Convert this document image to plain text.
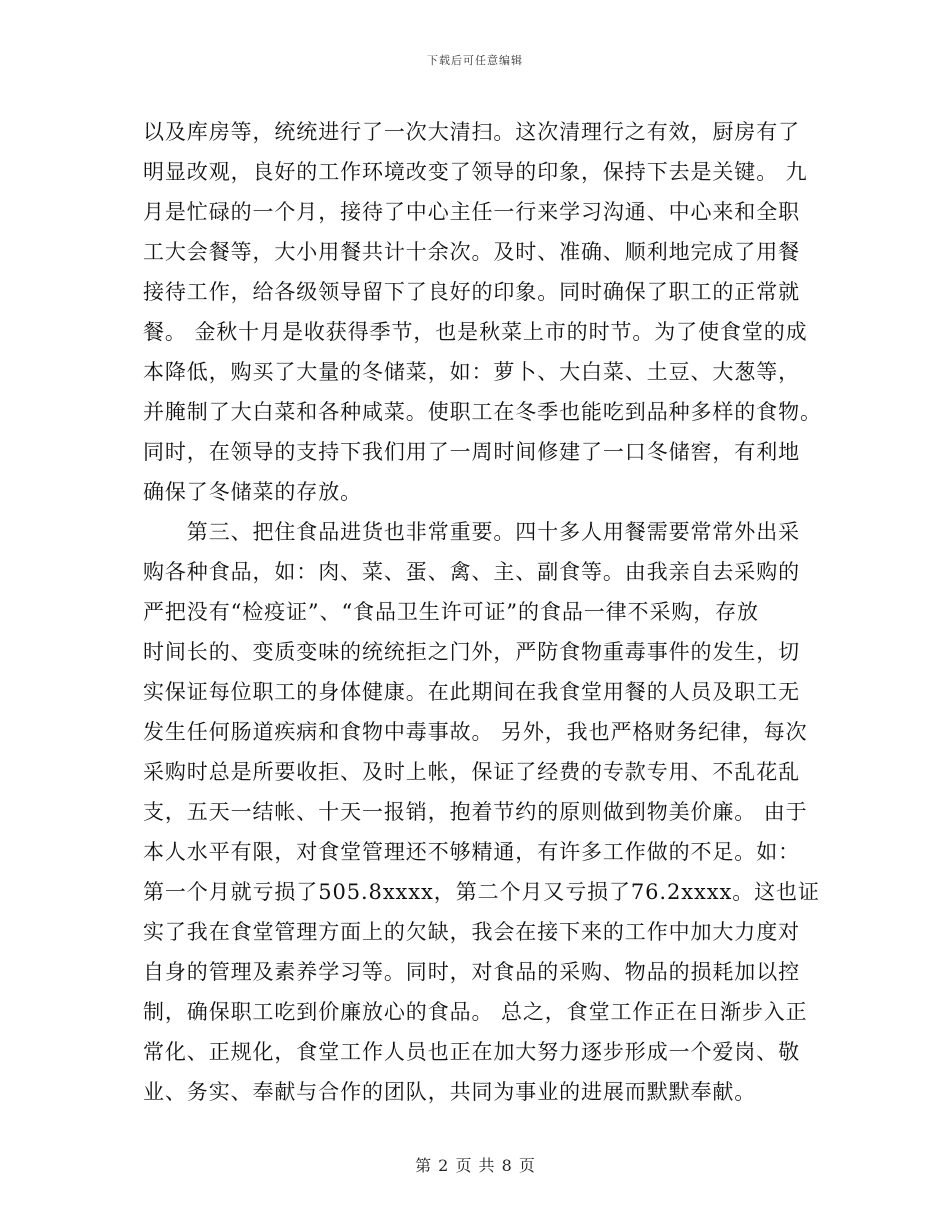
下载后可任意编辑
以及库房等，统统进行了一次大清扫。这次清理行之有效，厨房有了
明显改观，良好的工作环境改变了领导的印象，保持下去是关键。 九
月是忙碌的一个月，接待了中心主任一行来学习沟通、中心来和全职
工大会餐等，大小用餐共计十余次。及时、准确、顺利地完成了用餐
接待工作，给各级领导留下了良好的印象。同时确保了职工的正常就
餐。 金秋十月是收获得季节，也是秋菜上市的时节。为了使食堂的成
本降低，购买了大量的冬储菜，如：萝卜、大白菜、土豆、大葱等，
并腌制了大白菜和各种咸菜。使职工在冬季也能吃到品种多样的食物。
同时，在领导的支持下我们用了一周时间修建了一口冬储窖，有利地
确保了冬储菜的存放。
　　第三、把住食品进货也非常重要。四十多人用餐需要常常外出采
购各种食品，如：肉、菜、蛋、禽、主、副食等。由我亲自去采购的
严把没有“检疫证”、“食品卫生许可证”的食品一律不采购，存放
时间长的、变质变味的统统拒之门外，严防食物重毒事件的发生，切
实保证每位职工的身体健康。在此期间在我食堂用餐的人员及职工无
发生任何肠道疾病和食物中毒事故。 另外，我也严格财务纪律，每次
采购时总是所要收拒、及时上帐，保证了经费的专款专用、不乱花乱
支，五天一结帐、十天一报销，抱着节约的原则做到物美价廉。 由于
本人水平有限，对食堂管理还不够精通，有许多工作做的不足。如：
第一个月就亏损了505.8xxxx，第二个月又亏损了76.2xxxx。这也证
实了我在食堂管理方面上的欠缺，我会在接下来的工作中加大力度对
自身的管理及素养学习等。同时，对食品的采购、物品的损耗加以控
制，确保职工吃到价廉放心的食品。 总之，食堂工作正在日渐步入正
常化、正规化，食堂工作人员也正在加大努力逐步形成一个爱岗、敬
业、务实、奉献与合作的团队，共同为事业的进展而默默奉献。
第 2 页 共 8 页
